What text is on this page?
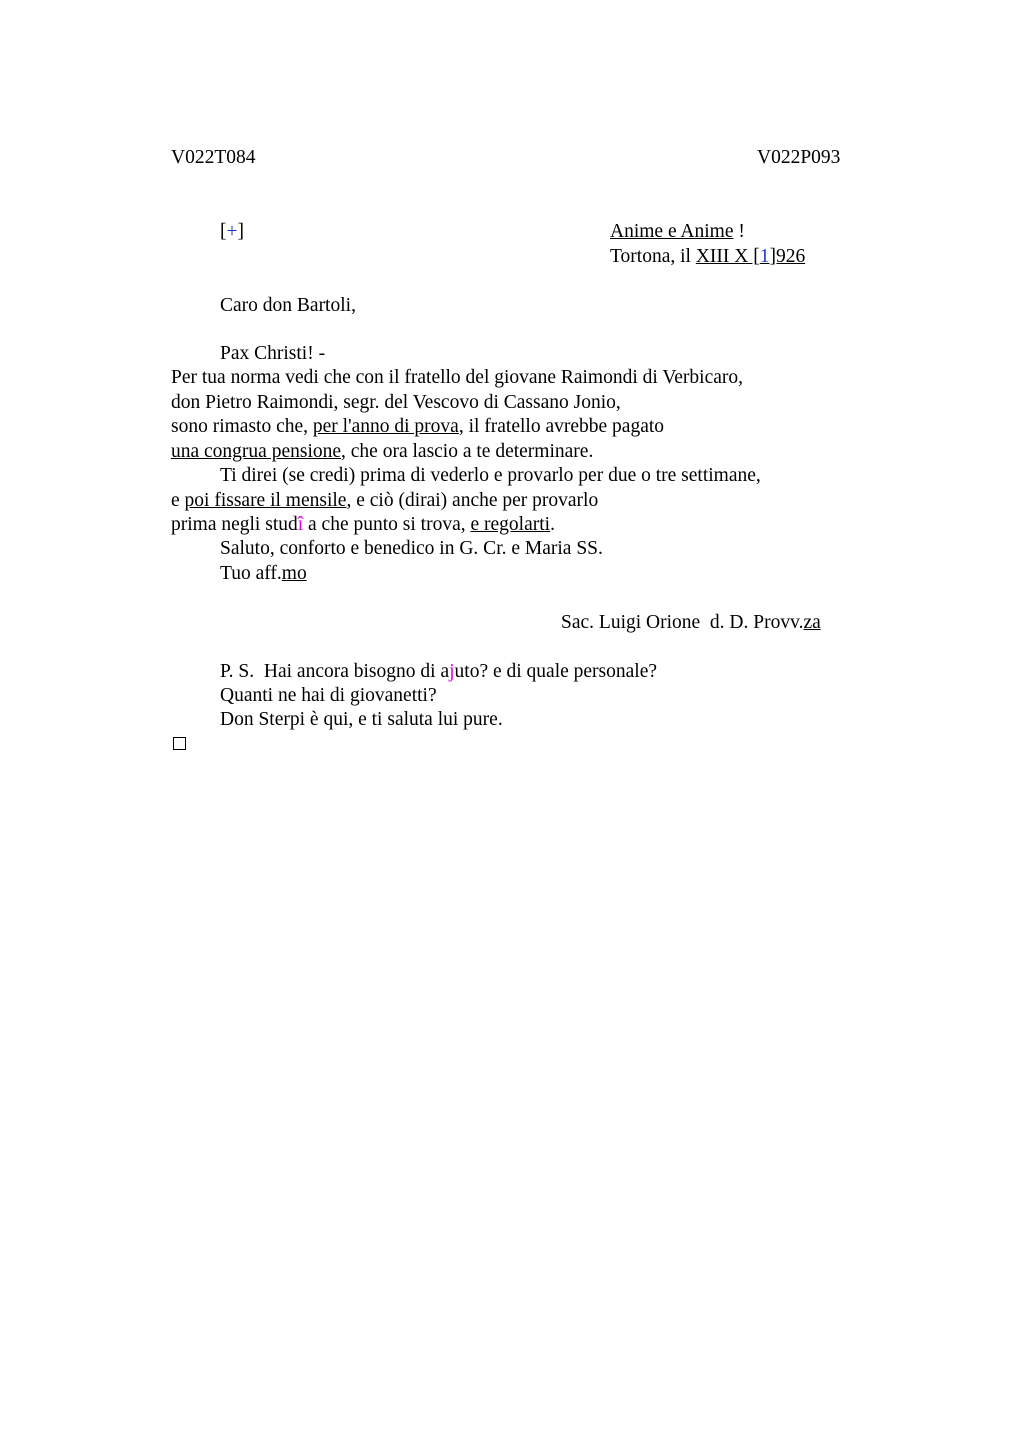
V022T084	V022P093
[+]	Anime e Anime !
Tortona, il XIII X [1]926
Caro don Bartoli,
Pax Christi! -
Per tua norma vedi che con il fratello del giovane Raimondi di Verbicaro,
don Pietro Raimondi, segr. del Vescovo di Cassano Jonio,
sono rimasto che, per l'anno di prova, il fratello avrebbe pagato
una congrua pensione, che ora lascio a te determinare.
Ti direi (se credi) prima di vederlo e provarlo per due o tre settimane,
e poi fissare il mensile, e ciò (dirai) anche per provarlo
prima negli studî a che punto si trova, e regolarti.
Saluto, conforto e benedico in G. Cr. e Maria SS.
Tuo aff.mo
Sac. Luigi Orione  d. D. Provv.za
P. S.  Hai ancora bisogno di ajuto? e di quale personale?
Quanti ne hai di giovanetti?
Don Sterpi è qui, e ti saluta lui pure.
